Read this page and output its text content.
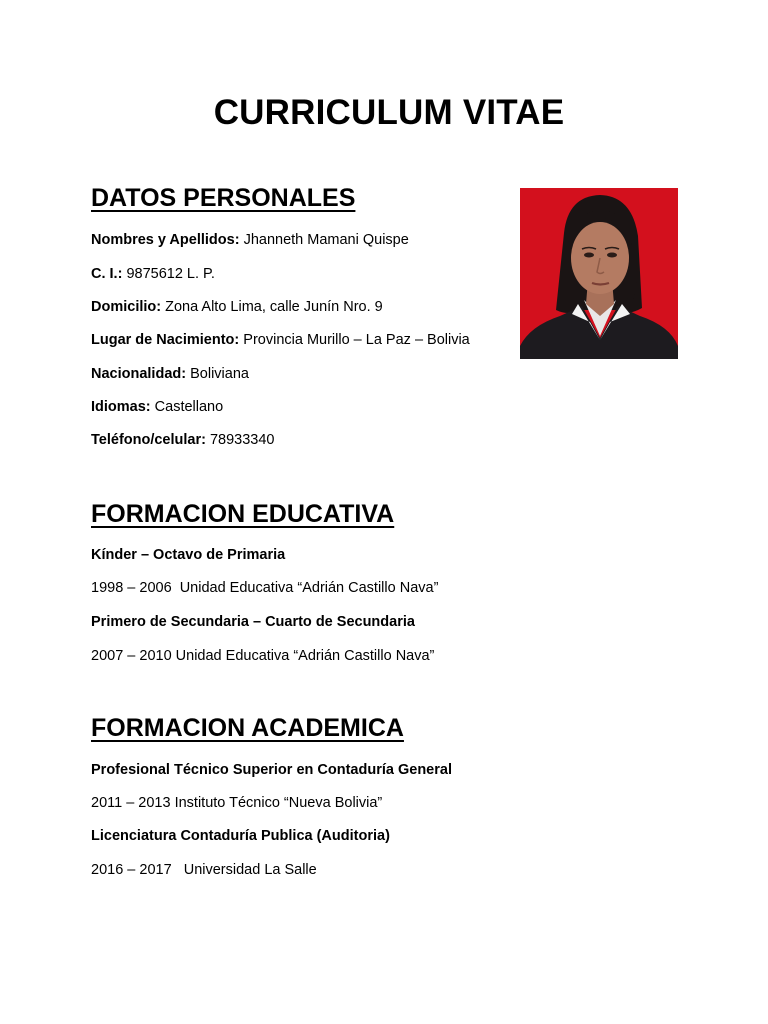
CURRICULUM VITAE
DATOS PERSONALES

Nombres y Apellidos: Jhanneth Mamani Quispe

C. I.: 9875612 L. P.

Domicilio: Zona Alto Lima, calle Junín Nro. 9

Lugar de Nacimiento: Provincia Murillo – La Paz – Bolivia

Nacionalidad: Boliviana

Idiomas: Castellano

Teléfono/celular: 78933340

FORMACION EDUCATIVA

Kínder – Octavo de Primaria

1998 – 2006  Unidad Educativa “Adrián Castillo Nava”

Primero de Secundaria – Cuarto de Secundaria

2007 – 2010 Unidad Educativa “Adrián Castillo Nava”

FORMACION ACADEMICA

Profesional Técnico Superior en Contaduría General

2011 – 2013 Instituto Técnico “Nueva Bolivia”

Licenciatura Contaduría Publica (Auditoria)

2016 – 2017   Universidad La Salle
